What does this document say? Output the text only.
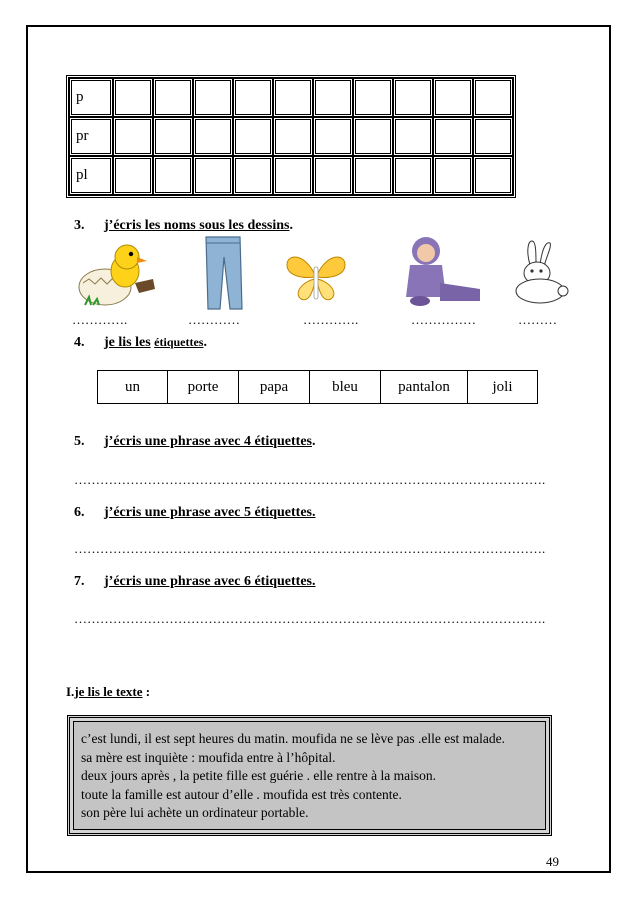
p										
pr										
pl										
3. j’écris les noms sous les dessins.
………….	…………	………….	……………	………
4. je lis les étiquettes.
un	porte	papa	bleu	pantalon	joli
5. j’écris une phrase avec 4 étiquettes.
……………………………………………………………………………………………….
6. j’écris une phrase avec 5 étiquettes.
……………………………………………………………………………………………….
7. j’écris une phrase avec 6 étiquettes.
……………………………………………………………………………………………….
I.je lis le texte :
c’est lundi, il est sept heures du matin. moufida ne se lève pas .elle est malade.
sa mère est inquiète : moufida entre à l’hôpital.
deux jours après , la petite fille est guérie . elle rentre à la maison.
toute la famille est autour d’elle . moufida est très contente.
son père lui achète un ordinateur portable.
49
